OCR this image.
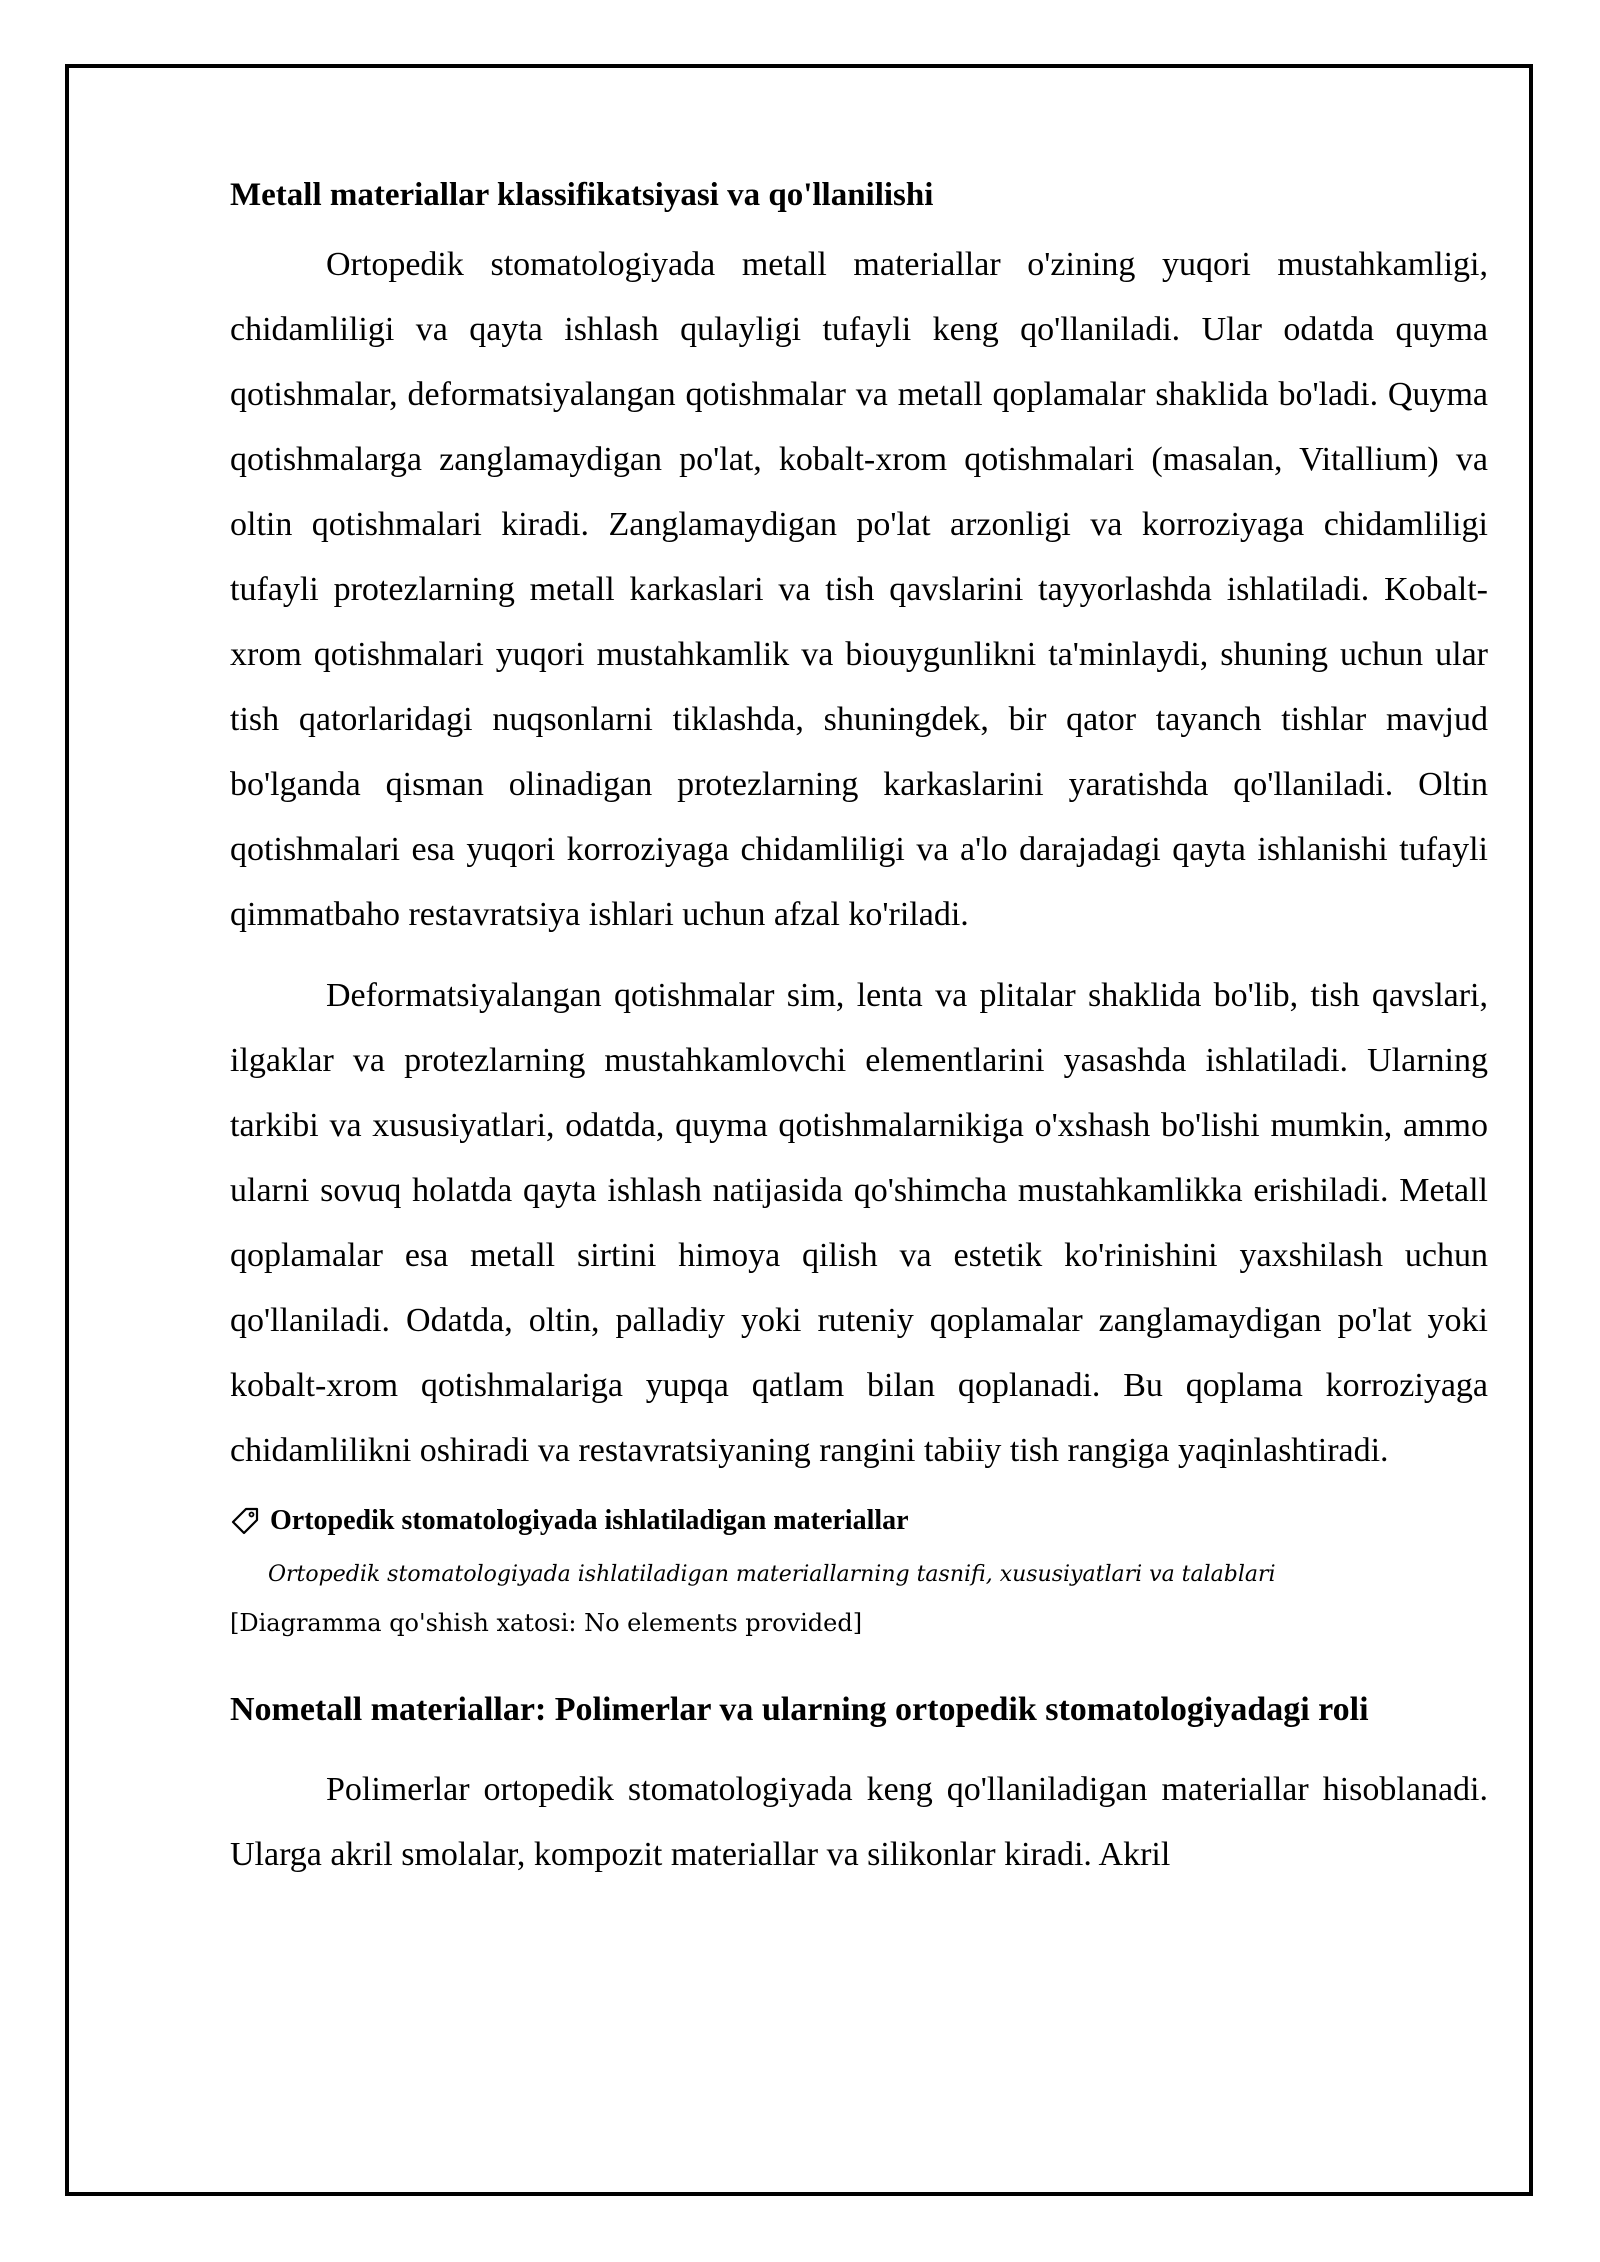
Metall materiallar klassifikatsiyasi va qo'llanilishi

Ortopedik stomatologiyada metall materiallar o'zining yuqori mustahkamligi, chidamliligi va qayta ishlash qulayligi tufayli keng qo'llaniladi. Ular odatda quyma qotishmalar, deformatsiyalangan qotishmalar va metall qoplamalar shaklida bo'ladi. Quyma qotishmalarga zanglamaydigan po'lat, kobalt-xrom qotishmalari (masalan, Vitallium) va oltin qotishmalari kiradi. Zanglamaydigan po'lat arzonligi va korroziyaga chidamliligi tufayli protezlarning metall karkaslari va tish qavslarini tayyorlashda ishlatiladi. Kobalt-xrom qotishmalari yuqori mustahkamlik va biouygunlikni ta'minlaydi, shuning uchun ular tish qatorlaridagi nuqsonlarni tiklashda, shuningdek, bir qator tayanch tishlar mavjud bo'lganda qisman olinadigan protezlarning karkaslarini yaratishda qo'llaniladi. Oltin qotishmalari esa yuqori korroziyaga chidamliligi va a'lo darajadagi qayta ishlanishi tufayli qimmatbaho restavratsiya ishlari uchun afzal ko'riladi.

Deformatsiyalangan qotishmalar sim, lenta va plitalar shaklida bo'lib, tish qavslari, ilgaklar va protezlarning mustahkamlovchi elementlarini yasashda ishlatiladi. Ularning tarkibi va xususiyatlari, odatda, quyma qotishmalarnikiga o'xshash bo'lishi mumkin, ammo ularni sovuq holatda qayta ishlash natijasida qo'shimcha mustahkamlikka erishiladi. Metall qoplamalar esa metall sirtini himoya qilish va estetik ko'rinishini yaxshilash uchun qo'llaniladi. Odatda, oltin, palladiy yoki ruteniy qoplamalar zanglamaydigan po'lat yoki kobalt-xrom qotishmalariga yupqa qatlam bilan qoplanadi. Bu qoplama korroziyaga chidamlilikni oshiradi va restavratsiyaning rangini tabiiy tish rangiga yaqinlashtiradi.

Ortopedik stomatologiyada ishlatiladigan materiallar
Ortopedik stomatologiyada ishlatiladigan materiallarning tasnifi, xususiyatlari va talablari
[Diagramma qo'shish xatosi: No elements provided]
Nometall materiallar: Polimerlar va ularning ortopedik stomatologiyadagi roli

Polimerlar ortopedik stomatologiyada keng qo'llaniladigan materiallar hisoblanadi. Ularga akril smolalar, kompozit materiallar va silikonlar kiradi. Akril
